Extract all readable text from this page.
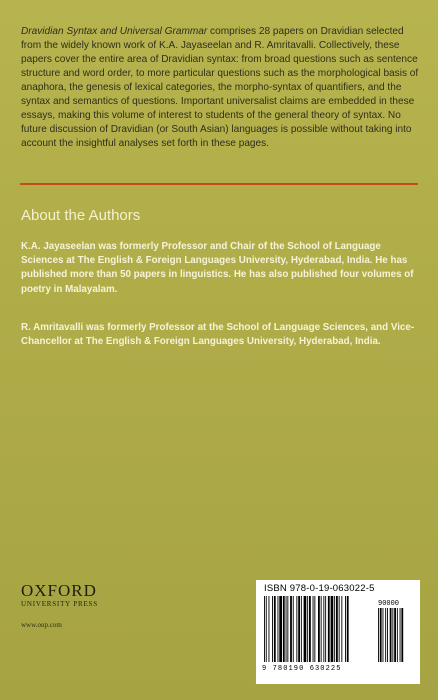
Dravidian Syntax and Universal Grammar comprises 28 papers on Dravidian selected from the widely known work of K.A. Jayaseelan and R. Amritavalli. Collectively, these papers cover the entire area of Dravidian syntax: from broad questions such as sentence structure and word order, to more particular questions such as the morphological basis of anaphora, the genesis of lexical categories, the morpho-syntax of quantifiers, and the syntax and semantics of questions. Important universalist claims are embedded in these essays, making this volume of interest to students of the general theory of syntax. No future discussion of Dravidian (or South Asian) languages is possible without taking into account the insightful analyses set forth in these pages.

About the Authors

K.A. Jayaseelan was formerly Professor and Chair of the School of Language Sciences at The English & Foreign Languages University, Hyderabad, India. He has published more than 50 papers in linguistics. He has also published four volumes of poetry in Malayalam.

R. Amritavalli was formerly Professor at the School of Language Sciences, and Vice-Chancellor at The English & Foreign Languages University, Hyderabad, India.

OXFORD
UNIVERSITY PRESS
www.oup.com
ISBN 978-0-19-063022-5
90000
9 780190 630225
